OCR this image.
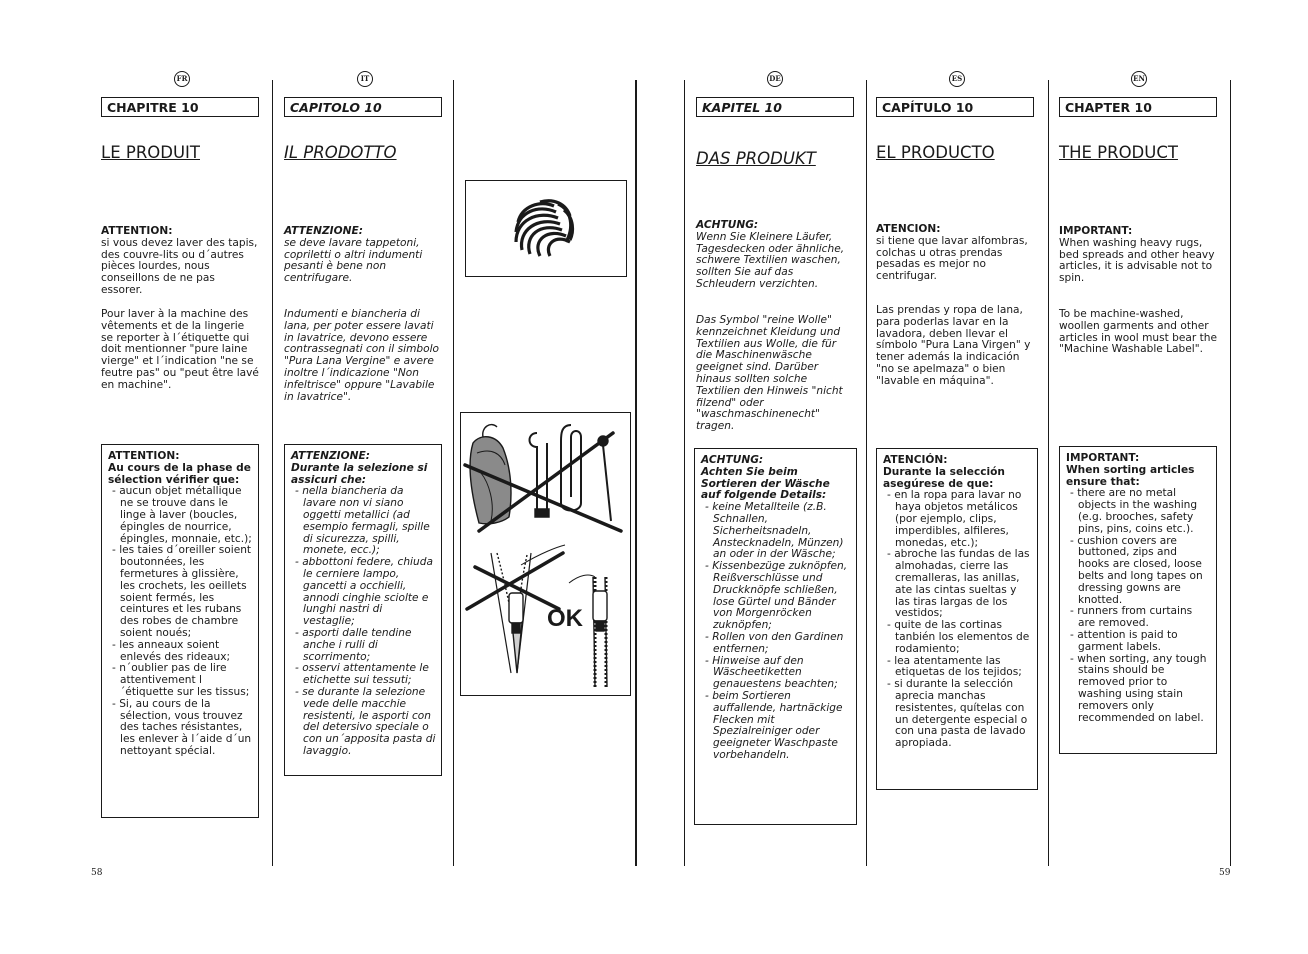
FR	IT	DE	ES	EN
CHAPITRE 10
LE PRODUIT
ATTENTION:
si vous devez laver des tapis, des couvre-lits ou d´autres pièces lourdes, nous conseillons de ne pas essorer.
Pour laver à la machine des vêtements et de la lingerie se reporter à l´étiquette qui doit mentionner "pure laine vierge" et l´indication "ne se feutre pas" ou "peut être lavé en machine".
ATTENTION:
Au cours de la phase de sélection vérifier que:
- aucun objet métallique ne se trouve dans le linge à laver (boucles, épingles de nourrice, épingles, monnaie, etc.);
- les taies d´oreiller soient boutonnées, les fermetures à glissière, les crochets, les oeillets soient fermés, les ceintures et les rubans des robes de chambre soient noués;
- les anneaux soient enlevés des rideaux;
- n´oublier pas de lire attentivement l´étiquette sur les tissus;
- Si, au cours de la sélection, vous trouvez des taches résistantes, les enlever à l´aide d´un nettoyant spécial.
CAPITOLO 10
IL PRODOTTO
ATTENZIONE:
se deve lavare tappetoni, copriletti o altri indumenti pesanti è bene non centrifugare.
Indumenti e biancheria di lana, per poter essere lavati in lavatrice, devono essere contrassegnati con il simbolo "Pura Lana Vergine" e avere inoltre l´indicazione "Non infeltrisce" oppure "Lavabile in lavatrice".
ATTENZIONE:
Durante la selezione si assicuri che:
- nella biancheria da lavare non vi siano oggetti metallici (ad esempio fermagli, spille di sicurezza, spilli, monete, ecc.);
- abbottoni federe, chiuda le cerniere lampo, gancetti a occhielli, annodi cinghie sciolte e lunghi nastri di vestaglie;
- asporti dalle tendine anche i rulli di scorrimento;
- osservi attentamente le etichette sui tessuti;
- se durante la selezione vede delle macchie resistenti, le asporti con del detersivo speciale o con un´apposita pasta di lavaggio.
OK
KAPITEL 10
DAS PRODUKT
ACHTUNG:
Wenn Sie Kleinere Läufer, Tagesdecken oder ähnliche, schwere Textilien waschen, sollten Sie auf das Schleudern verzichten.
Das Symbol "reine Wolle" kennzeichnet Kleidung und Textilien aus Wolle, die für die Maschinenwäsche geeignet sind. Darüber hinaus sollten solche Textilien den Hinweis "nicht filzend" oder "waschmaschinenecht" tragen.
ACHTUNG:
Achten Sie beim Sortieren der Wäsche auf folgende Details:
- keine Metallteile (z.B. Schnallen, Sicherheitsnadeln, Anstecknadeln, Münzen) an oder in der Wäsche;
- Kissenbezüge zuknöpfen, Reißverschlüsse und Druckknöpfe schließen, lose Gürtel und Bänder von Morgenröcken zuknöpfen;
- Rollen von den Gardinen entfernen;
- Hinweise auf den Wäscheetiketten genauestens beachten;
- beim Sortieren auffallende, hartnäckige Flecken mit Spezialreiniger oder geeigneter Waschpaste vorbehandeln.
CAPÍTULO 10
EL PRODUCTO
ATENCION:
si tiene que lavar alfombras, colchas u otras prendas pesadas es mejor no centrifugar.
Las prendas y ropa de lana, para poderlas lavar en la lavadora, deben llevar el símbolo "Pura Lana Virgen" y tener además la indicación "no se apelmaza" o bien "lavable en máquina".
ATENCIÓN:
Durante la selección asegúrese de que:
- en la ropa para lavar no haya objetos metálicos (por ejemplo, clips, imperdibles, alfileres, monedas, etc.);
- abroche las fundas de las almohadas, cierre las cremalleras, las anillas, ate las cintas sueltas y las tiras largas de los vestidos;
- quite de las cortinas tanbién los elementos de rodamiento;
- lea atentamente las etiquetas de los tejidos;
- si durante la selección aprecia manchas resistentes, quítelas con un detergente especial o con una pasta de lavado apropiada.
CHAPTER 10
THE PRODUCT
IMPORTANT:
When washing heavy rugs, bed spreads and other heavy articles, it is advisable not to spin.
To be machine-washed, woollen garments and other articles in wool must bear the "Machine Washable Label".
IMPORTANT:
When sorting articles ensure that:
- there are no metal objects in the washing (e.g. brooches, safety pins, pins, coins etc.).
- cushion covers are buttoned, zips and hooks are closed, loose belts and long tapes on dressing gowns are knotted.
- runners from curtains are removed.
- attention is paid to garment labels.
- when sorting, any tough stains should be removed prior to washing using stain removers only recommended on label.
58	59
